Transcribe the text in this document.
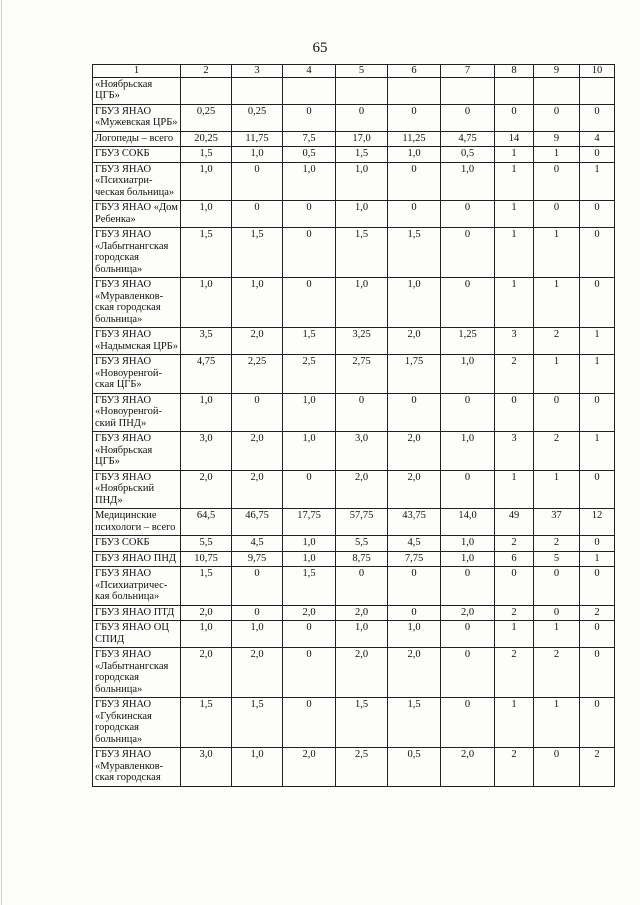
65
1	2	3	4	5	6	7	8	9	10
«Ноябрьская ЦГБ»									
ГБУЗ ЯНАО «Мужевская ЦРБ»	0,25	0,25	0	0	0	0	0	0	0
Логопеды – всего	20,25	11,75	7,5	17,0	11,25	4,75	14	9	4
ГБУЗ СОКБ	1,5	1,0	0,5	1,5	1,0	0,5	1	1	0
ГБУЗ ЯНАО «Психиатри-ческая больница»	1,0	0	1,0	1,0	0	1,0	1	0	1
ГБУЗ ЯНАО «Дом Ребенка»	1,0	0	0	1,0	0	0	1	0	0
ГБУЗ ЯНАО «Лабытнангская городская больница»	1,5	1,5	0	1,5	1,5	0	1	1	0
ГБУЗ ЯНАО «Муравленков-ская городская больница»	1,0	1,0	0	1,0	1,0	0	1	1	0
ГБУЗ ЯНАО «Надымская ЦРБ»	3,5	2,0	1,5	3,25	2,0	1,25	3	2	1
ГБУЗ ЯНАО «Новоуренгой-ская ЦГБ»	4,75	2,25	2,5	2,75	1,75	1,0	2	1	1
ГБУЗ ЯНАО «Новоуренгой-ский ПНД»	1,0	0	1,0	0	0	0	0	0	0
ГБУЗ ЯНАО «Ноябрьская ЦГБ»	3,0	2,0	1,0	3,0	2,0	1,0	3	2	1
ГБУЗ ЯНАО «Ноябрьский ПНД»	2,0	2,0	0	2,0	2,0	0	1	1	0
Медицинские психологи – всего	64,5	46,75	17,75	57,75	43,75	14,0	49	37	12
ГБУЗ СОКБ	5,5	4,5	1,0	5,5	4,5	1,0	2	2	0
ГБУЗ ЯНАО ПНД	10,75	9,75	1,0	8,75	7,75	1,0	6	5	1
ГБУЗ ЯНАО «Психиатричес-кая больница»	1,5	0	1,5	0	0	0	0	0	0
ГБУЗ ЯНАО ПТД	2,0	0	2,0	2,0	0	2,0	2	0	2
ГБУЗ ЯНАО ОЦ СПИД	1,0	1,0	0	1,0	1,0	0	1	1	0
ГБУЗ ЯНАО «Лабытнангская городская больница»	2,0	2,0	0	2,0	2,0	0	2	2	0
ГБУЗ ЯНАО «Губкинская городская больница»	1,5	1,5	0	1,5	1,5	0	1	1	0
ГБУЗ ЯНАО «Муравленков-ская городская	3,0	1,0	2,0	2,5	0,5	2,0	2	0	2
